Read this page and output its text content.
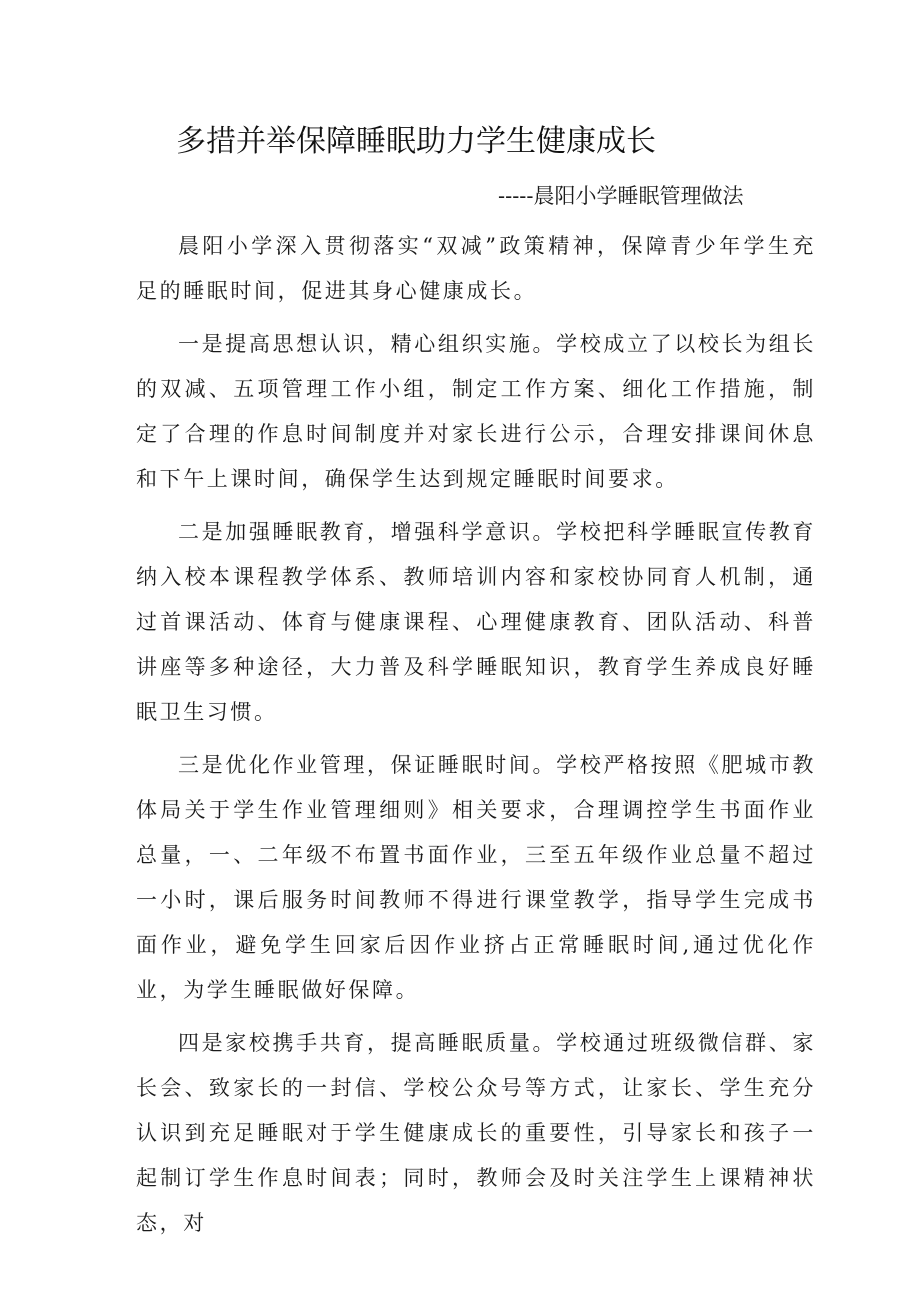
多措并举保障睡眠助力学生健康成长
-----晨阳小学睡眠管理做法

晨阳小学深入贯彻落实“双减”政策精神，保障青少年学生充足的睡眠时间，促进其身心健康成长。

一是提高思想认识，精心组织实施。学校成立了以校长为组长的双减、五项管理工作小组，制定工作方案、细化工作措施，制定了合理的作息时间制度并对家长进行公示，合理安排课间休息和下午上课时间，确保学生达到规定睡眠时间要求。

二是加强睡眠教育，增强科学意识。学校把科学睡眠宣传教育纳入校本课程教学体系、教师培训内容和家校协同育人机制，通过首课活动、体育与健康课程、心理健康教育、团队活动、科普讲座等多种途径，大力普及科学睡眠知识，教育学生养成良好睡眠卫生习惯。

三是优化作业管理，保证睡眠时间。学校严格按照《肥城市教体局关于学生作业管理细则》相关要求，合理调控学生书面作业总量，一、二年级不布置书面作业，三至五年级作业总量不超过一小时，课后服务时间教师不得进行课堂教学，指导学生完成书面作业，避免学生回家后因作业挤占正常睡眠时间,通过优化作业，为学生睡眠做好保障。

四是家校携手共育，提高睡眠质量。学校通过班级微信群、家长会、致家长的一封信、学校公众号等方式，让家长、学生充分认识到充足睡眠对于学生健康成长的重要性，引导家长和孩子一起制订学生作息时间表；同时，教师会及时关注学生上课精神状态，对
